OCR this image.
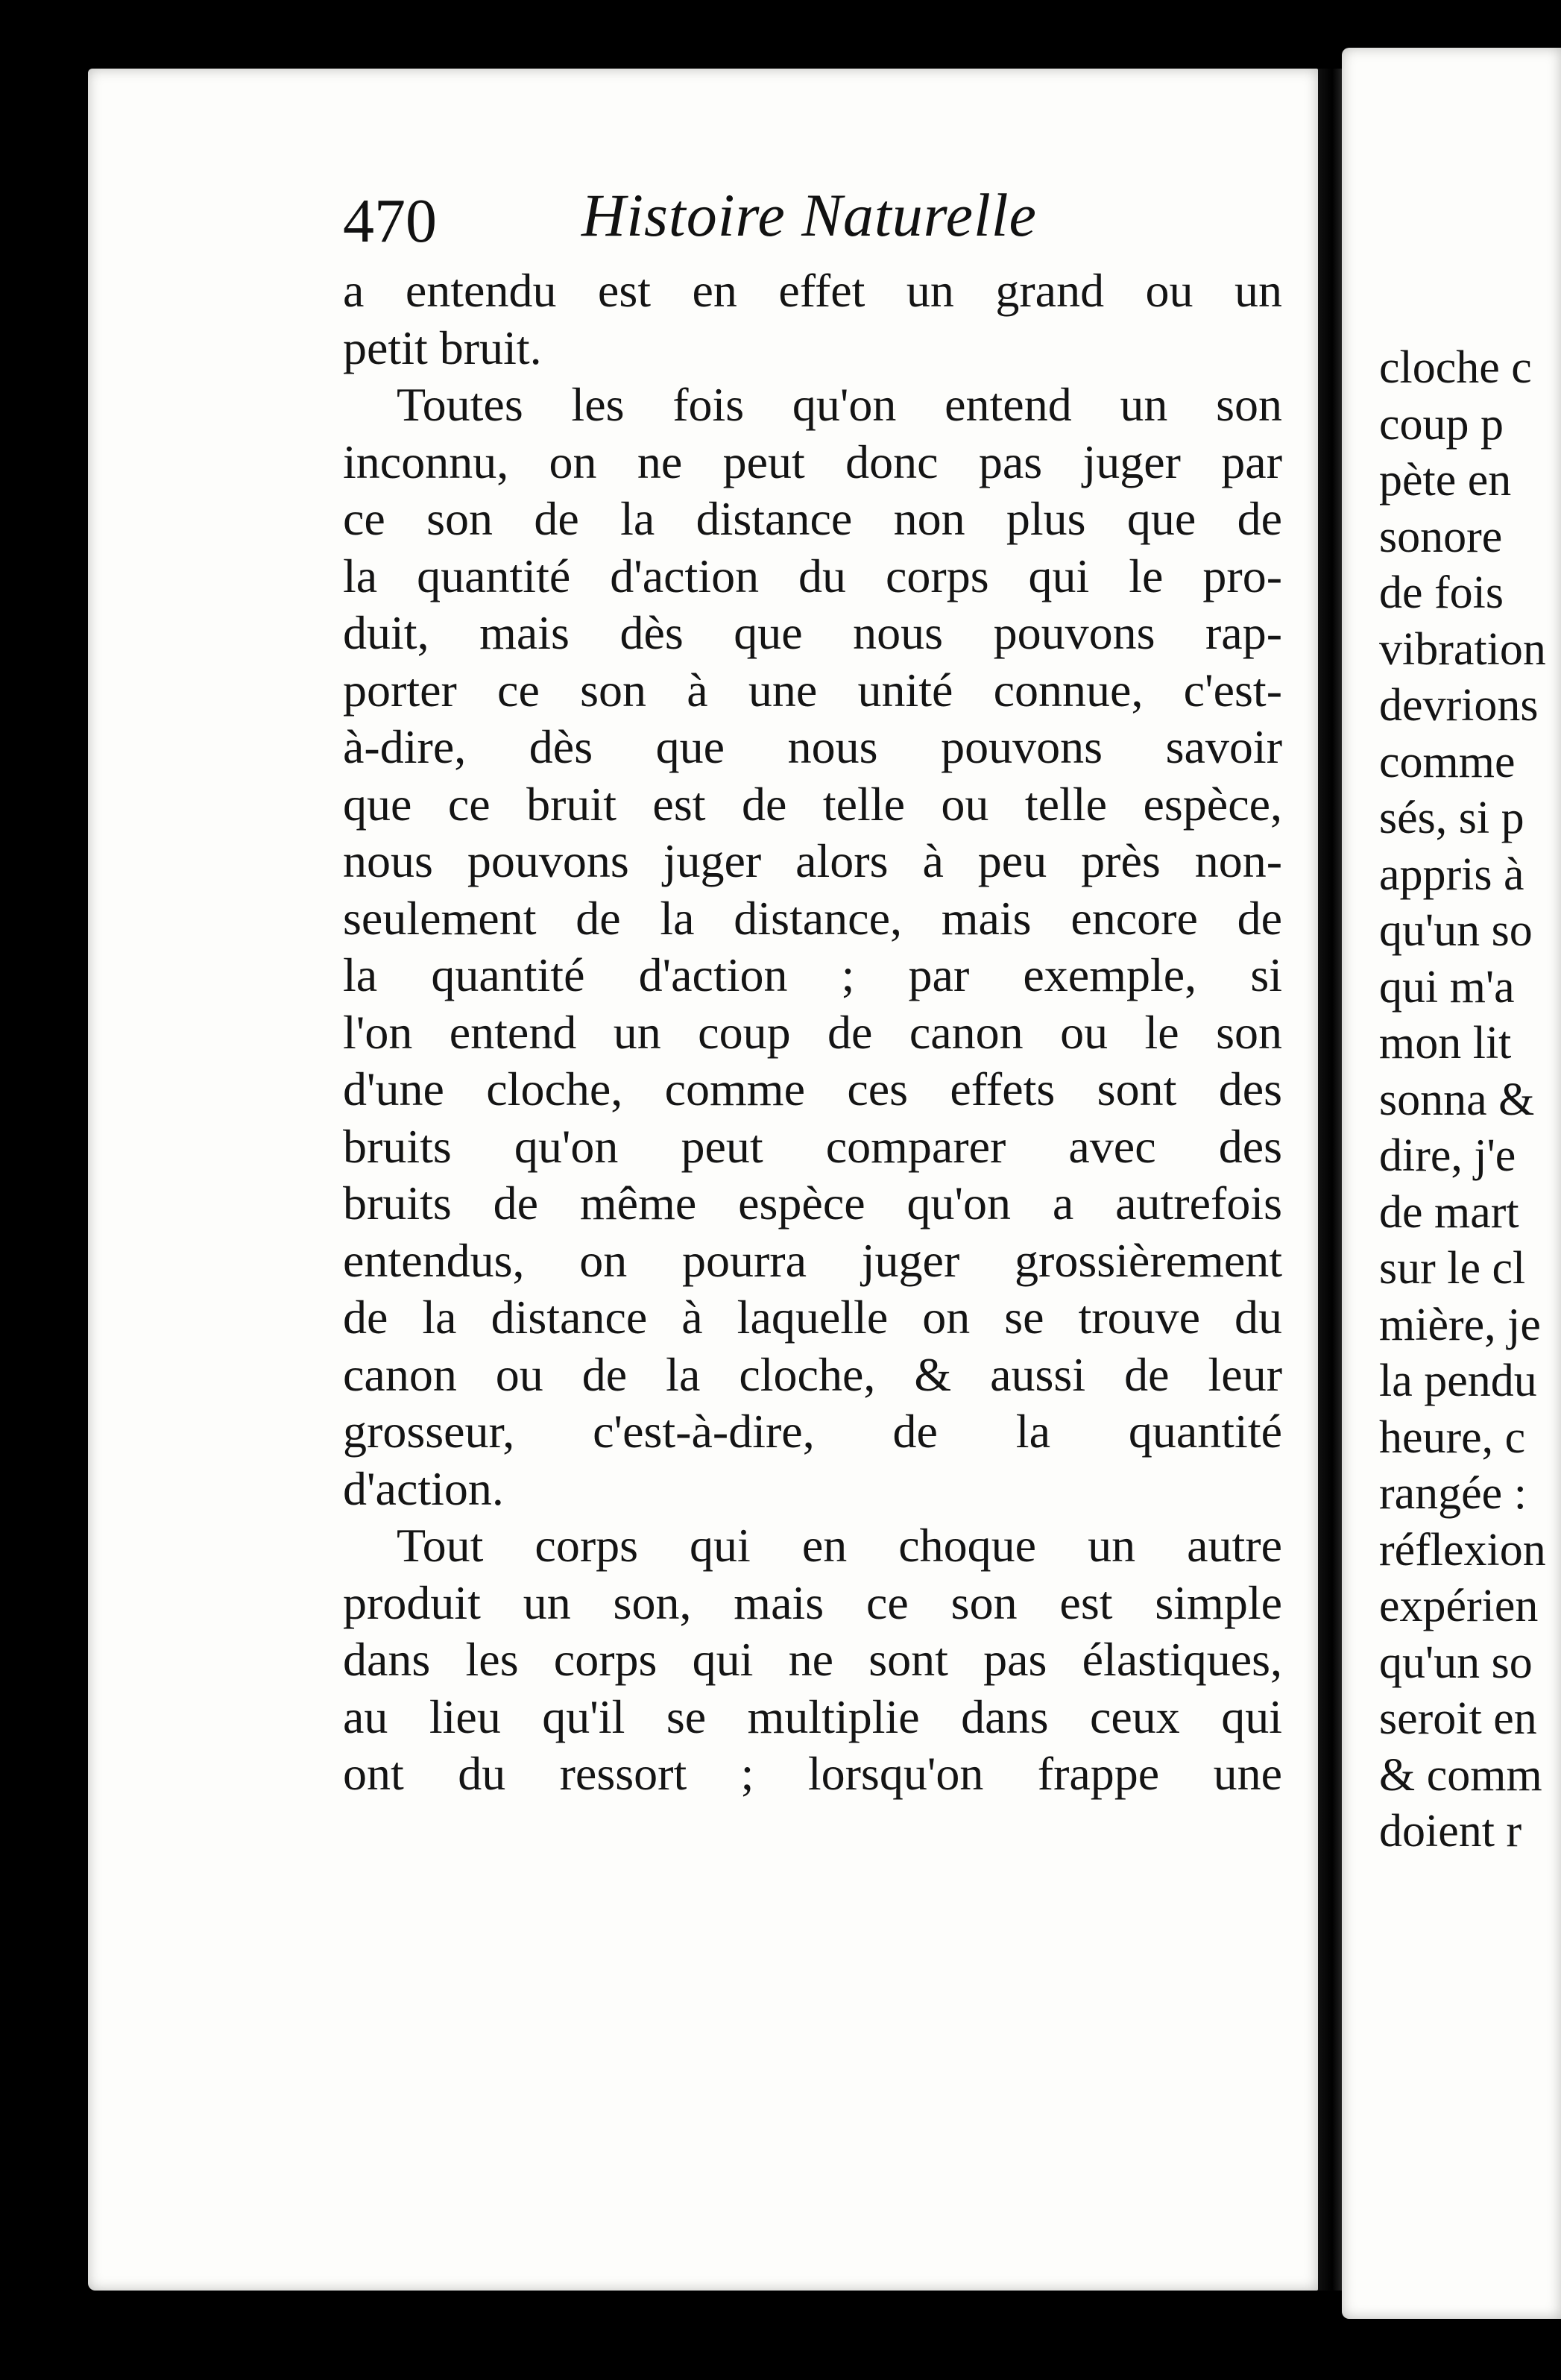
cloche c
coup p
pète en
sonore
de fois
vibration
devrions
comme
sés, si p
appris à
qu'un so
qui m'a
mon lit
sonna &
dire, j'e
de mart
sur le cl
mière, je
la pendu
heure, c
rangée :
réflexion
expérien
qu'un so
seroit en
& comm
doient r
470 Histoire Naturelle
a entendu est en effet un grand ou un
petit bruit.
Toutes les fois qu'on entend un son
inconnu, on ne peut donc pas juger par
ce son de la distance non plus que de
la quantité d'action du corps qui le pro-
duit, mais dès que nous pouvons rap-
porter ce son à une unité connue, c'est-
à-dire, dès que nous pouvons savoir
que ce bruit est de telle ou telle espèce,
nous pouvons juger alors à peu près non-
seulement de la distance, mais encore de
la quantité d'action ; par exemple, si
l'on entend un coup de canon ou le son
d'une cloche, comme ces effets sont des
bruits qu'on peut comparer avec des
bruits de même espèce qu'on a autrefois
entendus, on pourra juger grossièrement
de la distance à laquelle on se trouve du
canon ou de la cloche, & aussi de leur
grosseur, c'est-à-dire, de la quantité
d'action.
Tout corps qui en choque un autre
produit un son, mais ce son est simple
dans les corps qui ne sont pas élastiques,
au lieu qu'il se multiplie dans ceux qui
ont du ressort ; lorsqu'on frappe une
